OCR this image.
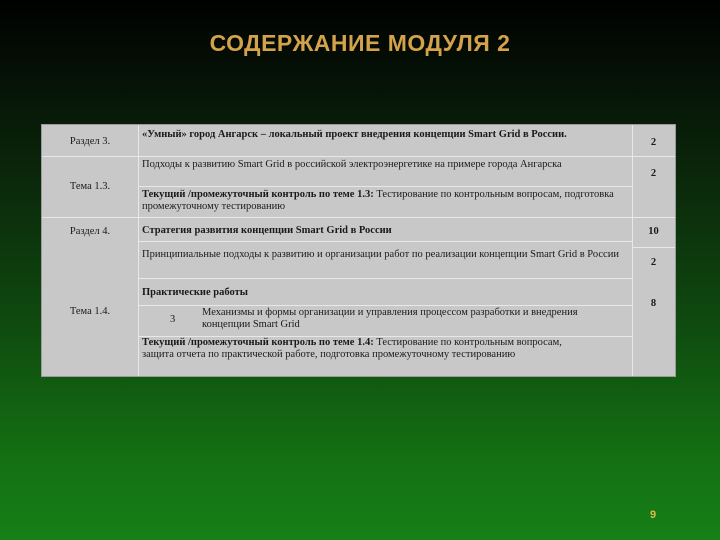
СОДЕРЖАНИЕ МОДУЛЯ 2
Раздел 3.
Тема 1.3.
Раздел 4.
Тема 1.4.
«Умный» город Ангарск – локальный проект внедрения концепции Smart Grid в России.
Подходы к развитию Smart Grid в российской электроэнергетике на примере города Ангарска
Текущий /промежуточный контроль по теме 1.3: Тестирование по контрольным вопросам, подготовка промежуточному тестированию
Стратегия развития концепции Smart Grid в России
Принципиальные подходы к развитию и организации работ по реализации концепции Smart Grid в России
Практические работы
3
Механизмы и формы организации и управления процессом разработки и внедрения концепции Smart Grid
Текущий /промежуточный контроль по теме 1.4: Тестирование по контрольным вопросам, защита отчета по практической работе, подготовка промежуточному тестированию
2
2
10
2
8
9
